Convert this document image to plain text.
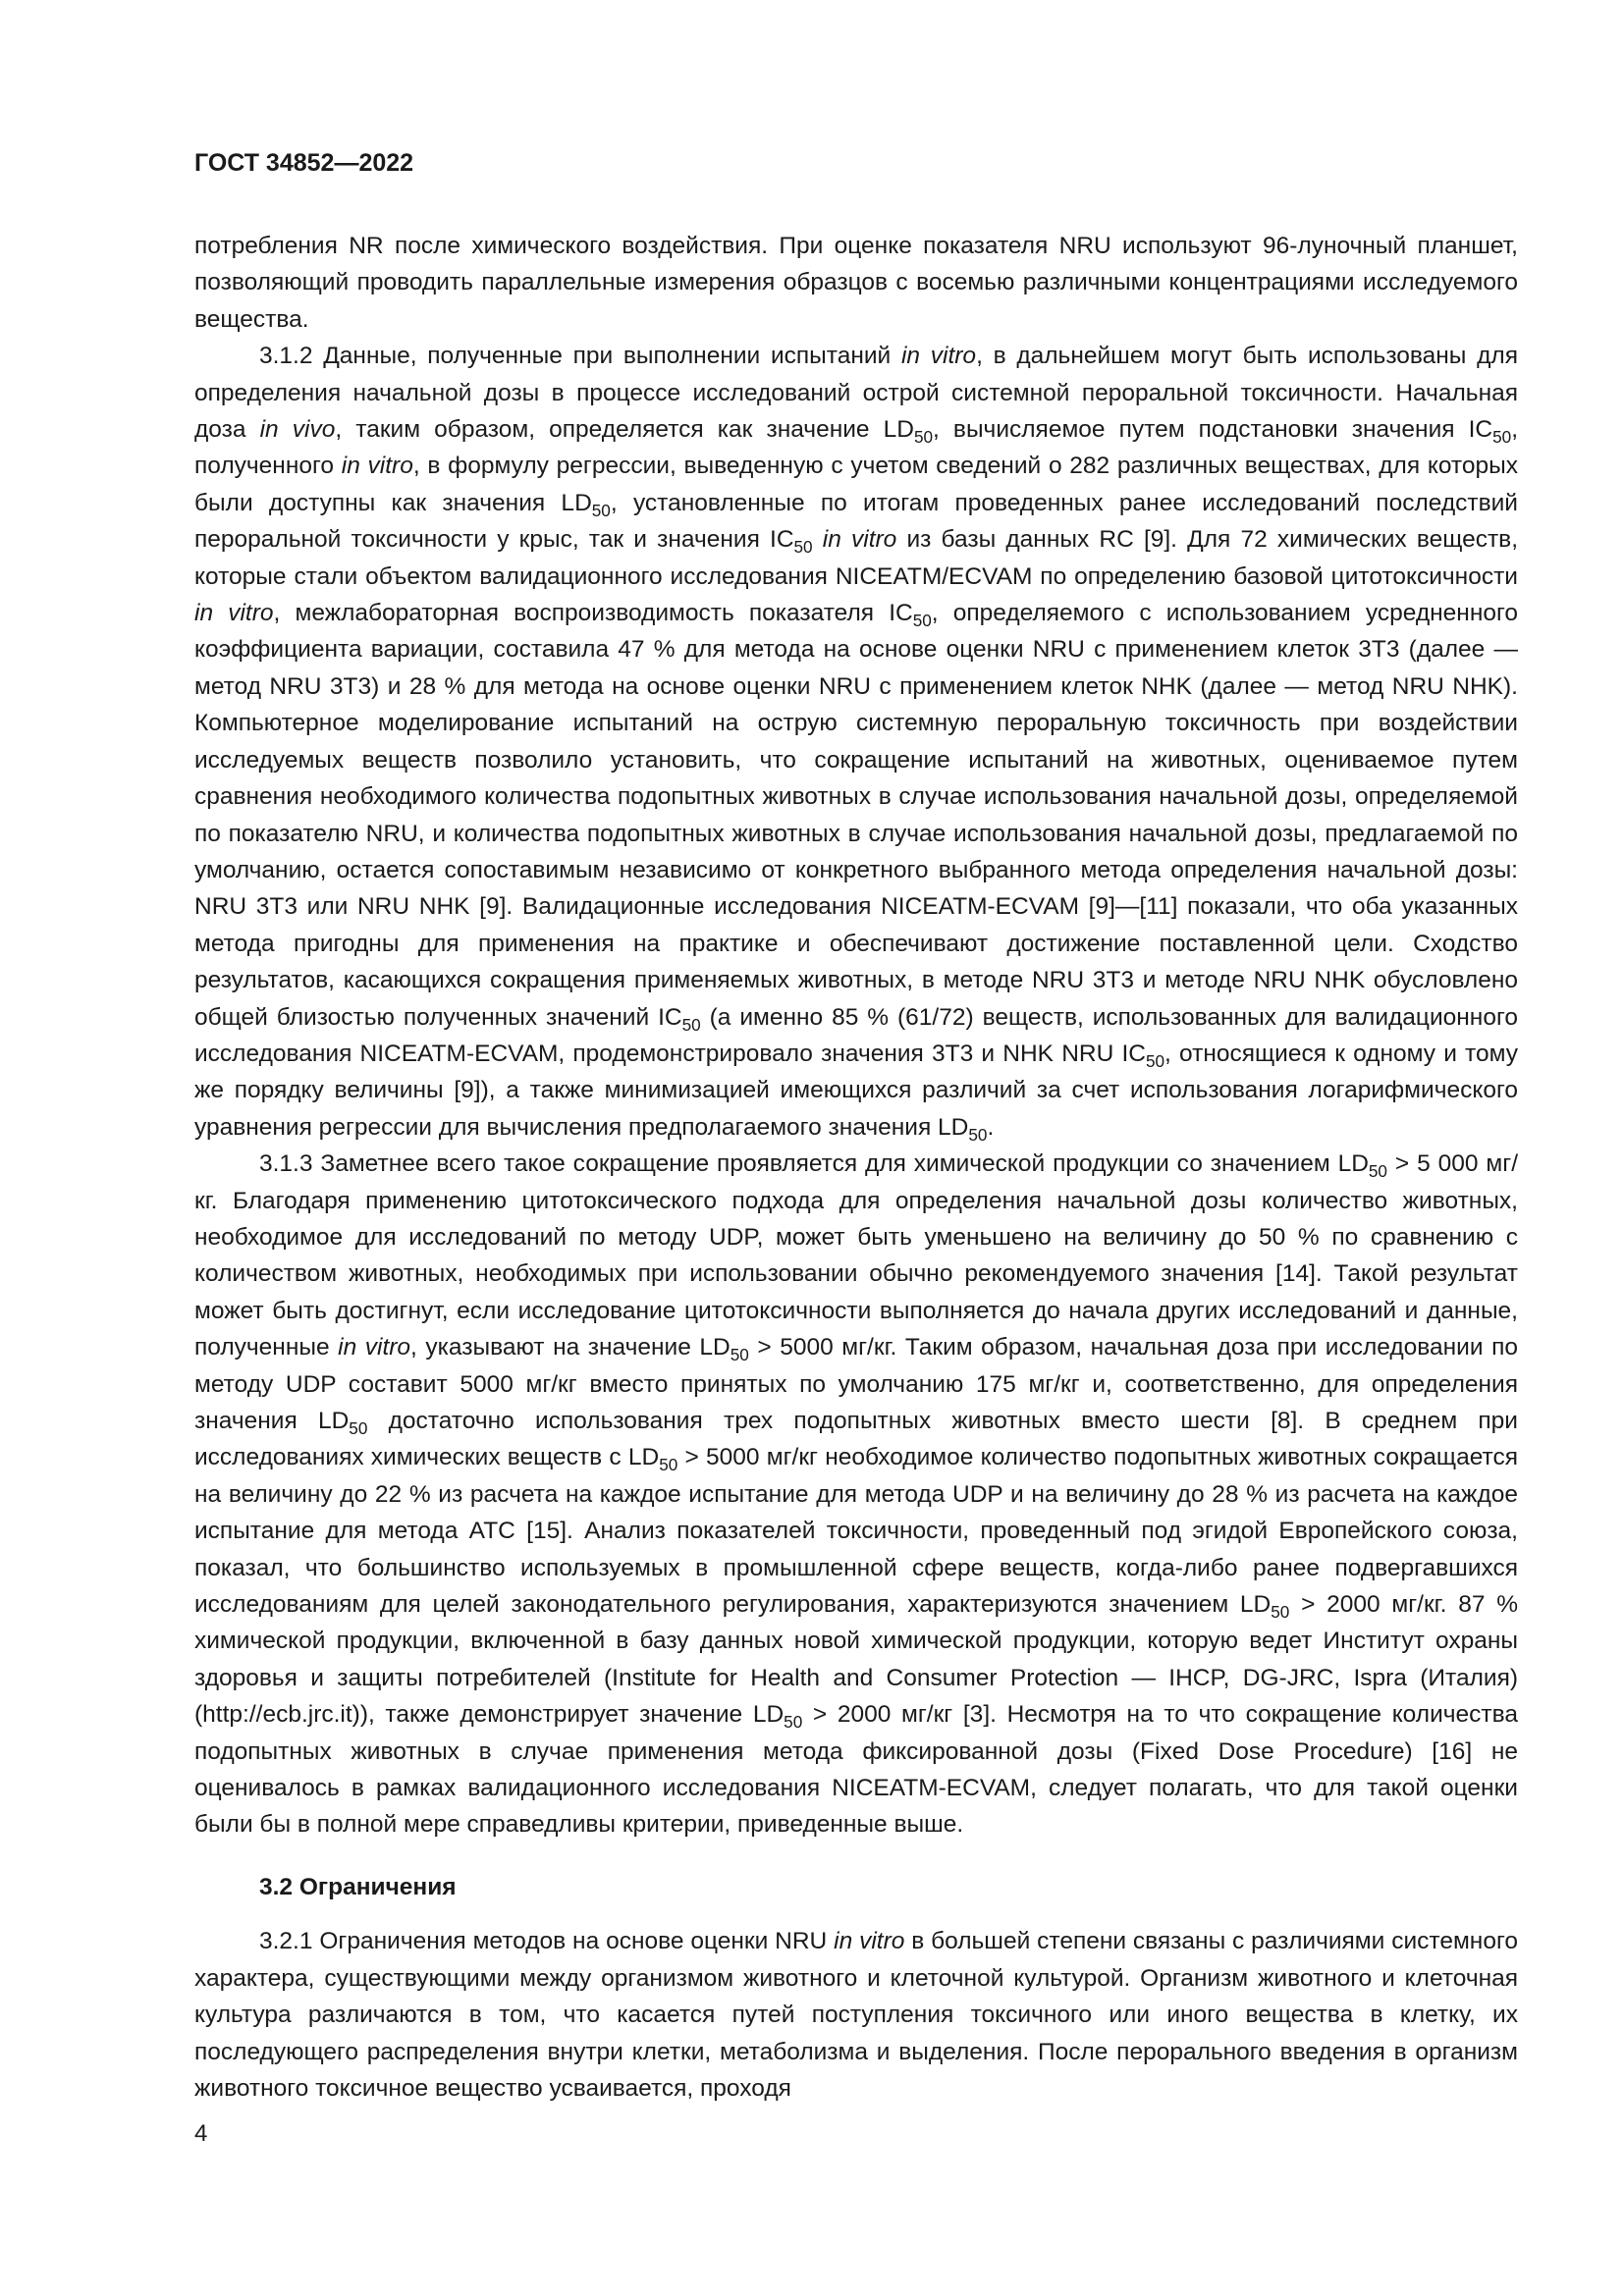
ГОСТ 34852—2022

потребления NR после химического воздействия. При оценке показателя NRU используют 96-луночный планшет, позволяющий проводить параллельные измерения образцов с восемью различными концентрациями исследуемого вещества.

3.1.2 Данные, полученные при выполнении испытаний in vitro, в дальнейшем могут быть использованы для определения начальной дозы в процессе исследований острой системной пероральной токсичности. Начальная доза in vivo, таким образом, определяется как значение $LD_{50}$, вычисляемое путем подстановки значения $IC_{50}$, полученного in vitro, в формулу регрессии, выведенную с учетом сведений о 282 различных веществах, для которых были доступны как значения $LD_{50}$, установленные по итогам проведенных ранее исследований последствий пероральной токсичности у крыс, так и значения $IC_{50}$ in vitro из базы данных RC [9]. Для 72 химических веществ, которые стали объектом валидационного исследования NICEATM/ECVAM по определению базовой цитотоксичности in vitro, межлабораторная воспроизводимость показателя $IC_{50}$, определяемого с использованием усредненного коэффициента вариации, составила 47 % для метода на основе оценки NRU с применением клеток 3T3 (далее — метод NRU 3T3) и 28 % для метода на основе оценки NRU с применением клеток NHK (далее — метод NRU NHK). Компьютерное моделирование испытаний на острую системную пероральную токсичность при воздействии исследуемых веществ позволило установить, что сокращение испытаний на животных, оцениваемое путем сравнения необходимого количества подопытных животных в случае использования начальной дозы, определяемой по показателю NRU, и количества подопытных животных в случае использования начальной дозы, предлагаемой по умолчанию, остается сопоставимым независимо от конкретного выбранного метода определения начальной дозы: NRU 3T3 или NRU NHK [9]. Валидационные исследования NICEATM-ECVAM [9]—[11] показали, что оба указанных метода пригодны для применения на практике и обеспечивают достижение поставленной цели. Сходство результатов, касающихся сокращения применяемых животных, в методе NRU 3T3 и методе NRU NHK обусловлено общей близостью полученных значений $IC_{50}$ (а именно 85 % (61/72) веществ, использованных для валидационного исследования NICEATM-ECVAM, продемонстрировало значения 3T3 и NHK NRU $IC_{50}$, относящиеся к одному и тому же порядку величины [9]), а также минимизацией имеющихся различий за счет использования логарифмического уравнения регрессии для вычисления предполагаемого значения $LD_{50}$.

3.1.3 Заметнее всего такое сокращение проявляется для химической продукции со значением $LD_{50} > 5$ 000 мг/кг. Благодаря применению цитотоксического подхода для определения начальной дозы количество животных, необходимое для исследований по методу UDP, может быть уменьшено на величину до 50 % по сравнению с количеством животных, необходимых при использовании обычно рекомендуемого значения [14]. Такой результат может быть достигнут, если исследование цитотоксичности выполняется до начала других исследований и данные, полученные in vitro, указывают на значение $LD_{50} > 5000$ мг/кг. Таким образом, начальная доза при исследовании по методу UDP составит 5000 мг/кг вместо принятых по умолчанию 175 мг/кг и, соответственно, для определения значения $LD_{50}$ достаточно использования трех подопытных животных вместо шести [8]. В среднем при исследованиях химических веществ с $LD_{50} > 5000$ мг/кг необходимое количество подопытных животных сокращается на величину до 22 % из расчета на каждое испытание для метода UDP и на величину до 28 % из расчета на каждое испытание для метода ATC [15]. Анализ показателей токсичности, проведенный под эгидой Европейского союза, показал, что большинство используемых в промышленной сфере веществ, когда-либо ранее подвергавшихся исследованиям для целей законодательного регулирования, характеризуются значением $LD_{50} > 2000$ мг/кг. 87 % химической продукции, включенной в базу данных новой химической продукции, которую ведет Институт охраны здоровья и защиты потребителей (Institute for Health and Consumer Protection — IHCP, DG-JRC, Ispra (Италия) (http://ecb.jrc.it)), также демонстрирует значение $LD_{50} > 2000$ мг/кг [3]. Несмотря на то что сокращение количества подопытных животных в случае применения метода фиксированной дозы (Fixed Dose Procedure) [16] не оценивалось в рамках валидационного исследования NICEATM-ECVAM, следует полагать, что для такой оценки были бы в полной мере справедливы критерии, приведенные выше.

3.2 Ограничения

3.2.1 Ограничения методов на основе оценки NRU in vitro в большей степени связаны с различиями системного характера, существующими между организмом животного и клеточной культурой. Организм животного и клеточная культура различаются в том, что касается путей поступления токсичного или иного вещества в клетку, их последующего распределения внутри клетки, метаболизма и выделения. После перорального введения в организм животного токсичное вещество усваивается, проходя

4
